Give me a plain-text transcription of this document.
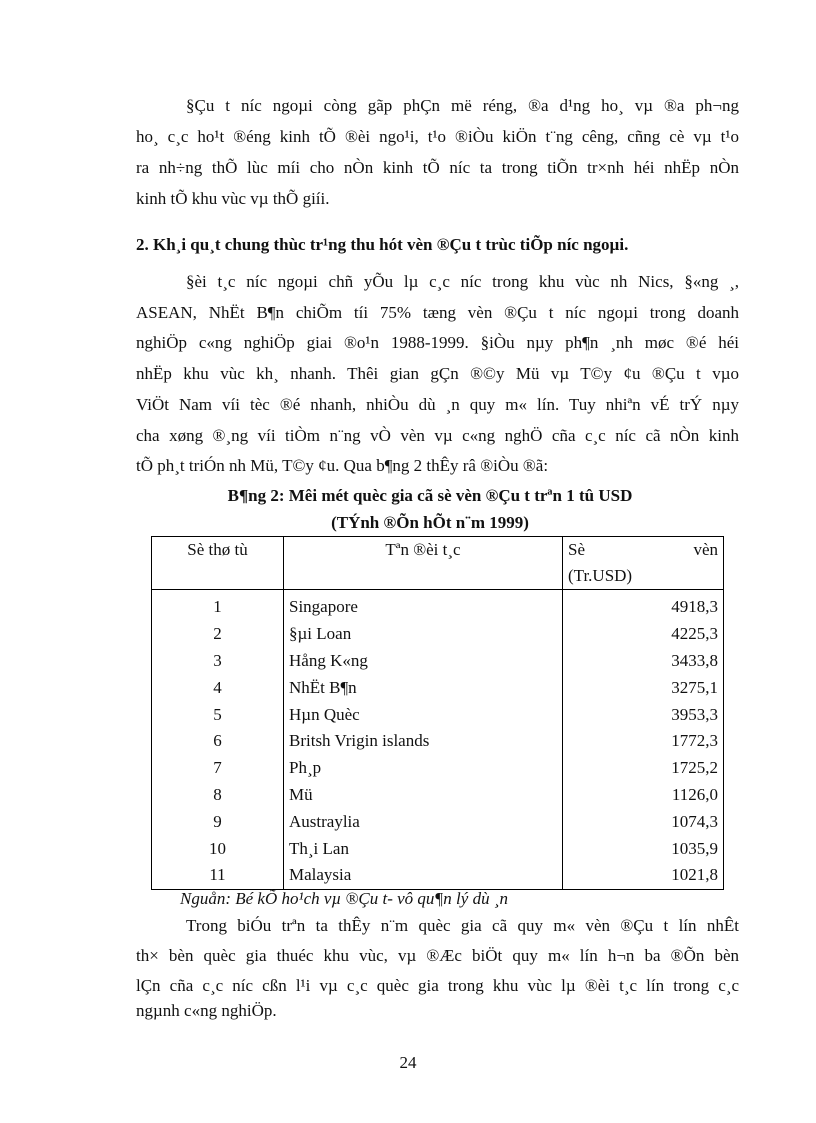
§Çu t níc ngoµi còng gãp phÇn më réng, ®a d¹ng ho¸ vµ ®a ph¬ng
ho¸ c¸c ho¹t ®éng kinh tÕ ®èi ngo¹i, t¹o ®iÒu kiÖn t¨ng cêng, cñng cè vµ t¹o
ra nh÷ng thÕ lùc míi cho nÒn kinh tÕ níc ta trong tiÕn tr×nh héi nhËp nÒn
kinh tÕ khu vùc vµ thÕ giíi.
2. Kh¸i qu¸t chung thùc tr¹ng thu hót vèn ®Çu t trùc tiÕp níc ngoµi.
§èi t¸c níc ngoµi chñ yÕu lµ c¸c níc trong khu vùc nh Nics, §«ng ¸,
ASEAN, NhËt B¶n chiÕm tíi 75% tæng vèn ®Çu t níc ngoµi trong doanh
nghiÖp c«ng nghiÖp giai ®o¹n 1988-1999. §iÒu nµy ph¶n ¸nh møc ®é héi
nhËp khu vùc kh¸ nhanh. Thêi gian gÇn ®©y Mü vµ T©y ¢u ®Çu t vµo
ViÖt Nam víi tèc ®é nhanh, nhiÒu dù ¸n quy m« lín. Tuy nhiªn vÉ trÝ nµy
cha xøng ®¸ng víi tiÒm n¨ng vÒ vèn vµ c«ng nghÖ cña c¸c níc cã nÒn kinh
tÕ ph¸t triÓn nh Mü, T©y ¢u. Qua b¶ng 2 thÊy râ ®iÒu ®ã:
B¶ng 2: Mêi mét quèc gia cã sè vèn ®Çu t trªn 1 tû USD
(TÝnh ®Õn hÕt n¨m 1999)
Sè thø tù	Tªn ®èi t¸c	Sè vèn
(Tr.USD)

1	Singapore	4918,3
2	§µi Loan	4225,3
3	Hång K«ng	3433,8
4	NhËt B¶n	3275,1
5	Hµn Quèc	3953,3
6	Britsh Vrigin islands	1772,3
7	Ph¸p	1725,2
8	Mü	1126,0
9	Austraylia	1074,3
10	Th¸i Lan	1035,9
11	Malaysia	1021,8
Nguån: Bé kÕ ho¹ch vµ ®Çu t- vô qu¶n lý dù ¸n
Trong biÓu trªn ta thÊy n¨m quèc gia cã quy m« vèn ®Çu t lín nhÊt
th× bèn quèc gia thuéc khu vùc, vµ ®Æc biÖt quy m« lín h¬n ba ®Õn bèn
lÇn cña c¸c níc cßn l¹i vµ c¸c quèc gia trong khu vùc lµ ®èi t¸c lín trong c¸c
ngµnh c«ng nghiÖp.
24
